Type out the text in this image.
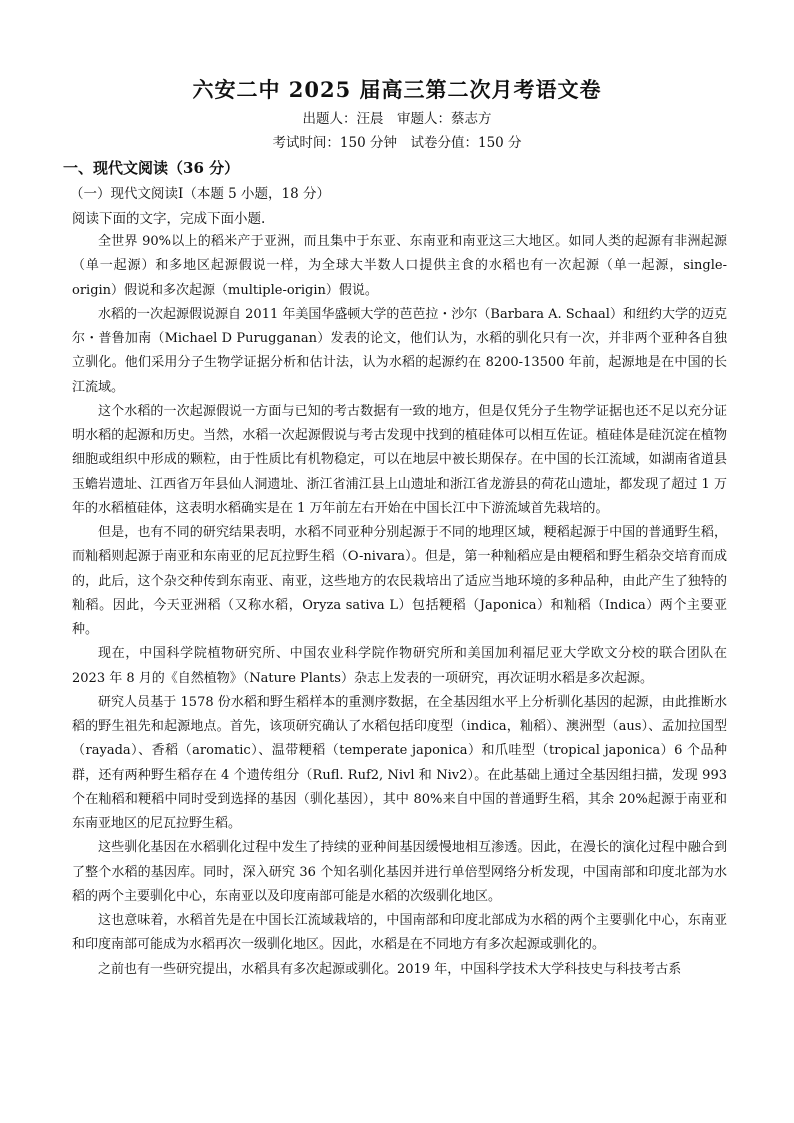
六安二中 2025 届高三第二次月考语文卷
出题人：汪晨　审题人：蔡志方
考试时间：150 分钟　试卷分值：150 分
一、现代文阅读（36 分）
（一）现代文阅读Ⅰ（本题 5 小题，18 分）
阅读下面的文字，完成下面小题.

全世界 90%以上的稻米产于亚洲，而且集中于东亚、东南亚和南亚这三大地区。如同人类的起源有非洲起源（单一起源）和多地区起源假说一样，为全球大半数人口提供主食的水稻也有一次起源（单一起源，single-origin）假说和多次起源（multiple-origin）假说。

水稻的一次起源假说源自 2011 年美国华盛顿大学的芭芭拉・沙尔（Barbara A. Schaal）和纽约大学的迈克尔・普鲁加南（Michael D Purugganan）发表的论文，他们认为，水稻的驯化只有一次，并非两个亚种各自独立驯化。他们采用分子生物学证据分析和估计法，认为水稻的起源约在 8200-13500 年前，起源地是在中国的长江流域。

这个水稻的一次起源假说一方面与已知的考古数据有一致的地方，但是仅凭分子生物学证据也还不足以充分证明水稻的起源和历史。当然，水稻一次起源假说与考古发现中找到的植硅体可以相互佐证。植硅体是硅沉淀在植物细胞或组织中形成的颗粒，由于性质比有机物稳定，可以在地层中被长期保存。在中国的长江流域，如湖南省道县玉蟾岩遗址、江西省万年县仙人洞遗址、浙江省浦江县上山遗址和浙江省龙游县的荷花山遗址，都发现了超过 1 万年的水稻植硅体，这表明水稻确实是在 1 万年前左右开始在中国长江中下游流域首先栽培的。

但是，也有不同的研究结果表明，水稻不同亚种分别起源于不同的地理区域，粳稻起源于中国的普通野生稻，而籼稻则起源于南亚和东南亚的尼瓦拉野生稻（O-nivara）。但是，第一种籼稻应是由粳稻和野生稻杂交培育而成的，此后，这个杂交种传到东南亚、南亚，这些地方的农民栽培出了适应当地环境的多种品种，由此产生了独特的籼稻。因此，今天亚洲稻（又称水稻，Oryza sativa L）包括粳稻（Japonica）和籼稻（Indica）两个主要亚种。

现在，中国科学院植物研究所、中国农业科学院作物研究所和美国加利福尼亚大学欧文分校的联合团队在 2023 年 8 月的《自然植物》（Nature Plants）杂志上发表的一项研究，再次证明水稻是多次起源。

研究人员基于 1578 份水稻和野生稻样本的重测序数据，在全基因组水平上分析驯化基因的起源，由此推断水稻的野生祖先和起源地点。首先，该项研究确认了水稻包括印度型（indica，籼稻）、澳洲型（aus）、孟加拉国型（rayada）、香稻（aromatic）、温带粳稻（temperate japonica）和爪哇型（tropical japonica）6 个品种群，还有两种野生稻存在 4 个遗传组分（Rufl. Ruf2, Nivl 和 Niv2）。在此基础上通过全基因组扫描，发现 993 个在籼稻和粳稻中同时受到选择的基因（驯化基因），其中 80%来自中国的普通野生稻，其余 20%起源于南亚和东南亚地区的尼瓦拉野生稻。

这些驯化基因在水稻驯化过程中发生了持续的亚种间基因缓慢地相互渗透。因此，在漫长的演化过程中融合到了整个水稻的基因库。同时，深入研究 36 个知名驯化基因并进行单倍型网络分析发现，中国南部和印度北部为水稻的两个主要驯化中心，东南亚以及印度南部可能是水稻的次级驯化地区。

这也意味着，水稻首先是在中国长江流域栽培的，中国南部和印度北部成为水稻的两个主要驯化中心，东南亚和印度南部可能成为水稻再次一级驯化地区。因此，水稻是在不同地方有多次起源或驯化的。

之前也有一些研究提出，水稻具有多次起源或驯化。2019 年，中国科学技术大学科技史与科技考古系
